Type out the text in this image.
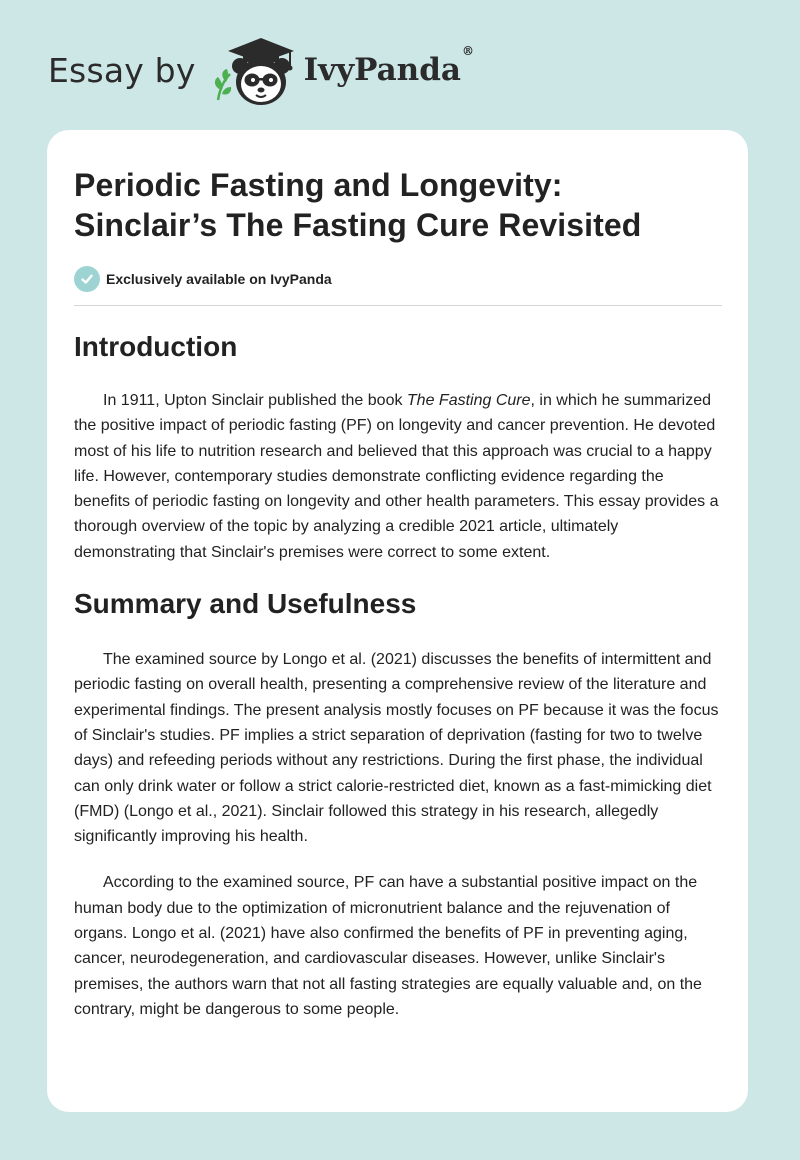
Essay by	IvyPanda®
Periodic Fasting and Longevity:
Sinclair’s The Fasting Cure Revisited
Exclusively available on IvyPanda
Introduction

In 1911, Upton Sinclair published the book The Fasting Cure, in which he summarized the positive impact of periodic fasting (PF) on longevity and cancer prevention. He devoted most of his life to nutrition research and believed that this approach was crucial to a happy life. However, contemporary studies demonstrate conflicting evidence regarding the benefits of periodic fasting on longevity and other health parameters. This essay provides a thorough overview of the topic by analyzing a credible 2021 article, ultimately demonstrating that Sinclair's premises were correct to some extent.

Summary and Usefulness

The examined source by Longo et al. (2021) discusses the benefits of intermittent and periodic fasting on overall health, presenting a comprehensive review of the literature and experimental findings. The present analysis mostly focuses on PF because it was the focus of Sinclair's studies. PF implies a strict separation of deprivation (fasting for two to twelve days) and refeeding periods without any restrictions. During the first phase, the individual can only drink water or follow a strict calorie-restricted diet, known as a fast-mimicking diet (FMD) (Longo et al., 2021). Sinclair followed this strategy in his research, allegedly significantly improving his health.

According to the examined source, PF can have a substantial positive impact on the human body due to the optimization of micronutrient balance and the rejuvenation of organs. Longo et al. (2021) have also confirmed the benefits of PF in preventing aging, cancer, neurodegeneration, and cardiovascular diseases. However, unlike Sinclair's premises, the authors warn that not all fasting strategies are equally valuable and, on the contrary, might be dangerous to some people.
